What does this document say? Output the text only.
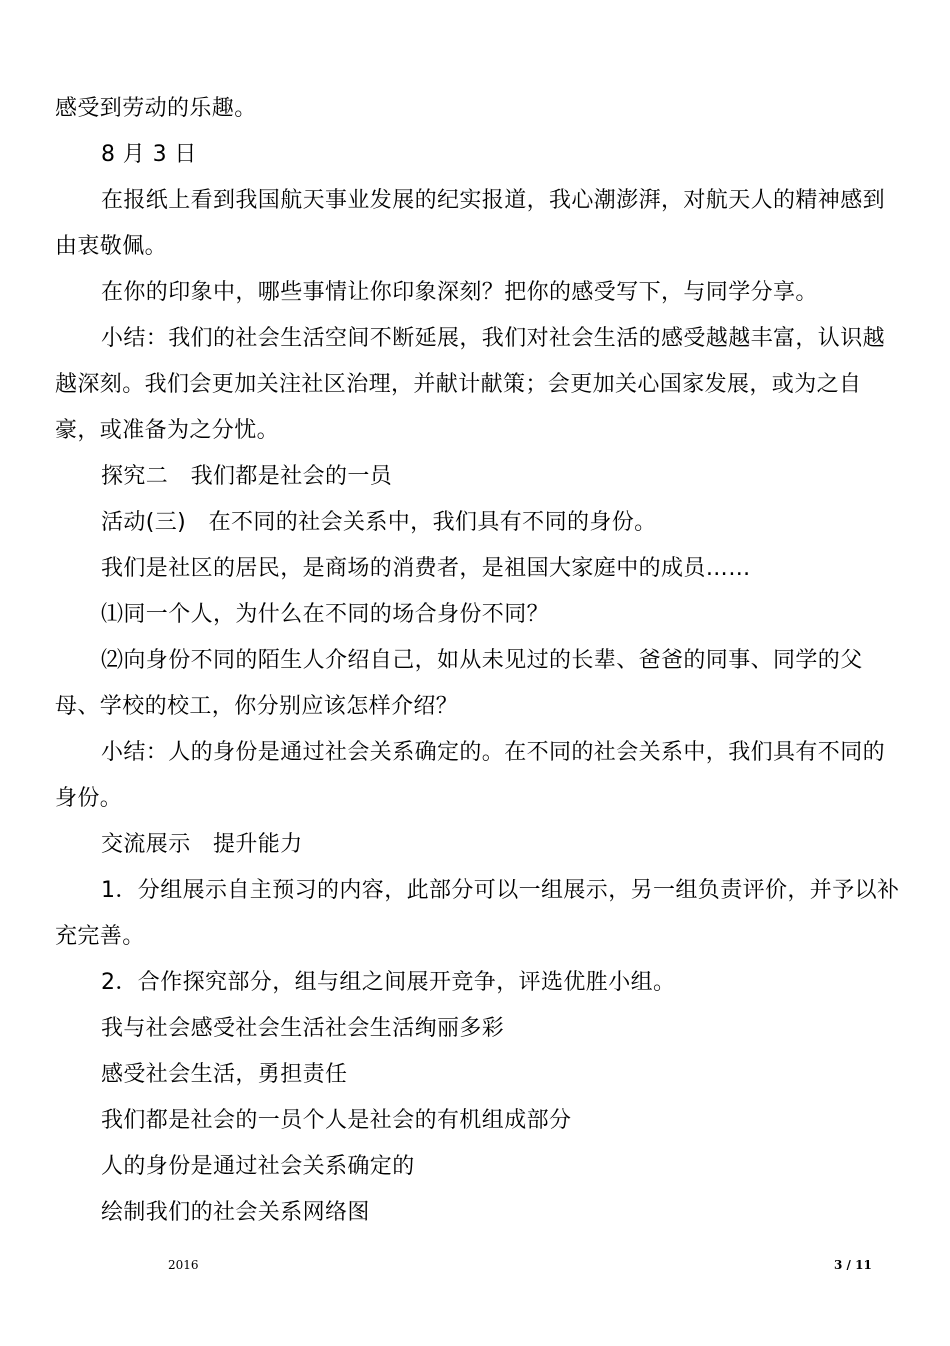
感受到劳动的乐趣。

8 月 3 日

在报纸上看到我国航天事业发展的纪实报道，我心潮澎湃，对航天人的精神感到由衷敬佩。

在你的印象中，哪些事情让你印象深刻？把你的感受写下，与同学分享。

小结：我们的社会生活空间不断延展，我们对社会生活的感受越越丰富，认识越越深刻。我们会更加关注社区治理，并献计献策；会更加关心国家发展，或为之自豪，或准备为之分忧。

探究二　我们都是社会的一员

活动(三)　在不同的社会关系中，我们具有不同的身份。

我们是社区的居民，是商场的消费者，是祖国大家庭中的成员……

⑴同一个人，为什么在不同的场合身份不同？

⑵向身份不同的陌生人介绍自己，如从未见过的长辈、爸爸的同事、同学的父母、学校的校工，你分别应该怎样介绍？

小结：人的身份是通过社会关系确定的。在不同的社会关系中，我们具有不同的身份。

交流展示　提升能力

1．分组展示自主预习的内容，此部分可以一组展示，另一组负责评价，并予以补充完善。

2．合作探究部分，组与组之间展开竞争，评选优胜小组。

我与社会感受社会生活社会生活绚丽多彩

感受社会生活，勇担责任

我们都是社会的一员个人是社会的有机组成部分

人的身份是通过社会关系确定的

绘制我们的社会关系网络图

2016	3 / 11
